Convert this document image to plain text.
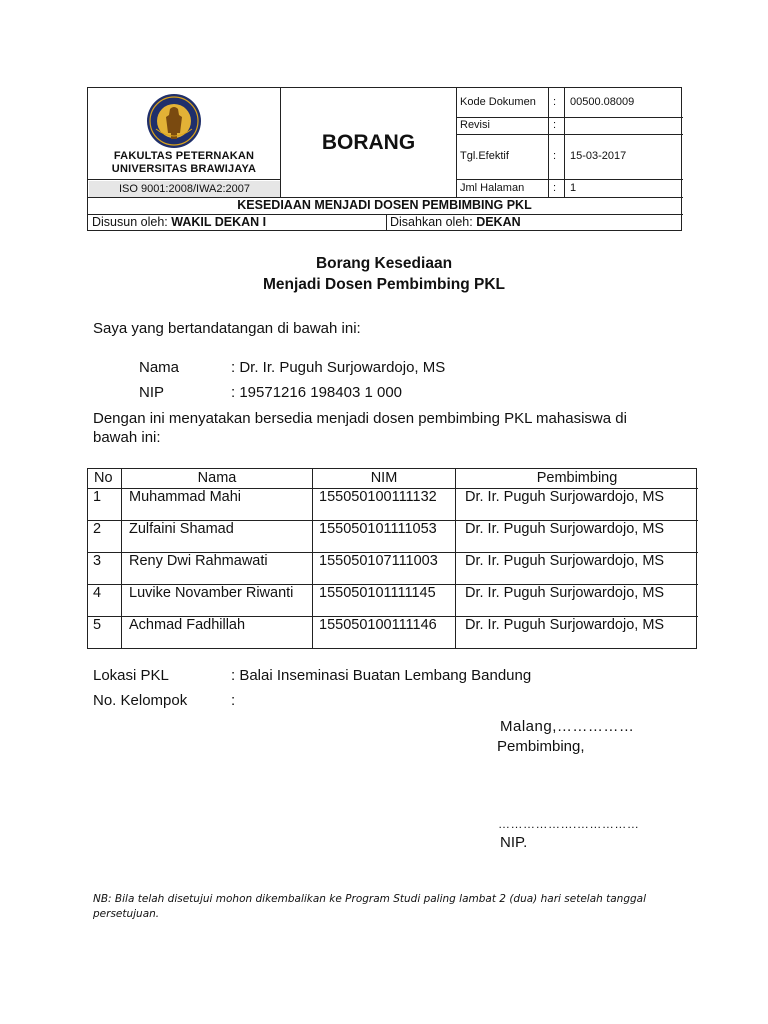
FAKULTAS PETERNAKAN
UNIVERSITAS BRAWIJAYA
ISO 9001:2008/IWA2:2007
BORANG
Kode Dokumen	: 00500.08009
Revisi	:
Tgl.Efektif	: 15-03-2017
Jml Halaman	: 1
KESEDIAAN MENJADI DOSEN PEMBIMBING PKL
Disusun oleh: WAKIL DEKAN I	Disahkan oleh: DEKAN
Borang Kesediaan
Menjadi Dosen Pembimbing PKL
Saya yang bertandatangan di bawah ini:
Nama	: Dr. Ir. Puguh Surjowardojo, MS
NIP	: 19571216 198403 1 000
Dengan ini menyatakan bersedia menjadi dosen pembimbing PKL mahasiswa di
bawah ini:
No	Nama	NIM	Pembimbing
1 Muhammad Mahi	155050100111132 Dr. Ir. Puguh Surjowardojo, MS
2 Zulfaini Shamad	155050101111053 Dr. Ir. Puguh Surjowardojo, MS
3 Reny Dwi Rahmawati	155050107111003 Dr. Ir. Puguh Surjowardojo, MS
4 Luvike Novamber Riwanti 155050101111145 Dr. Ir. Puguh Surjowardojo, MS
5 Achmad Fadhillah	155050100111146 Dr. Ir. Puguh Surjowardojo, MS
Lokasi PKL	: Balai Inseminasi Buatan Lembang Bandung
No. Kelompok	:
Malang,……………
Pembimbing,
……………….……………
NIP.
NB: Bila telah disetujui mohon dikembalikan ke Program Studi paling lambat 2 (dua) hari setelah tanggal persetujuan.
